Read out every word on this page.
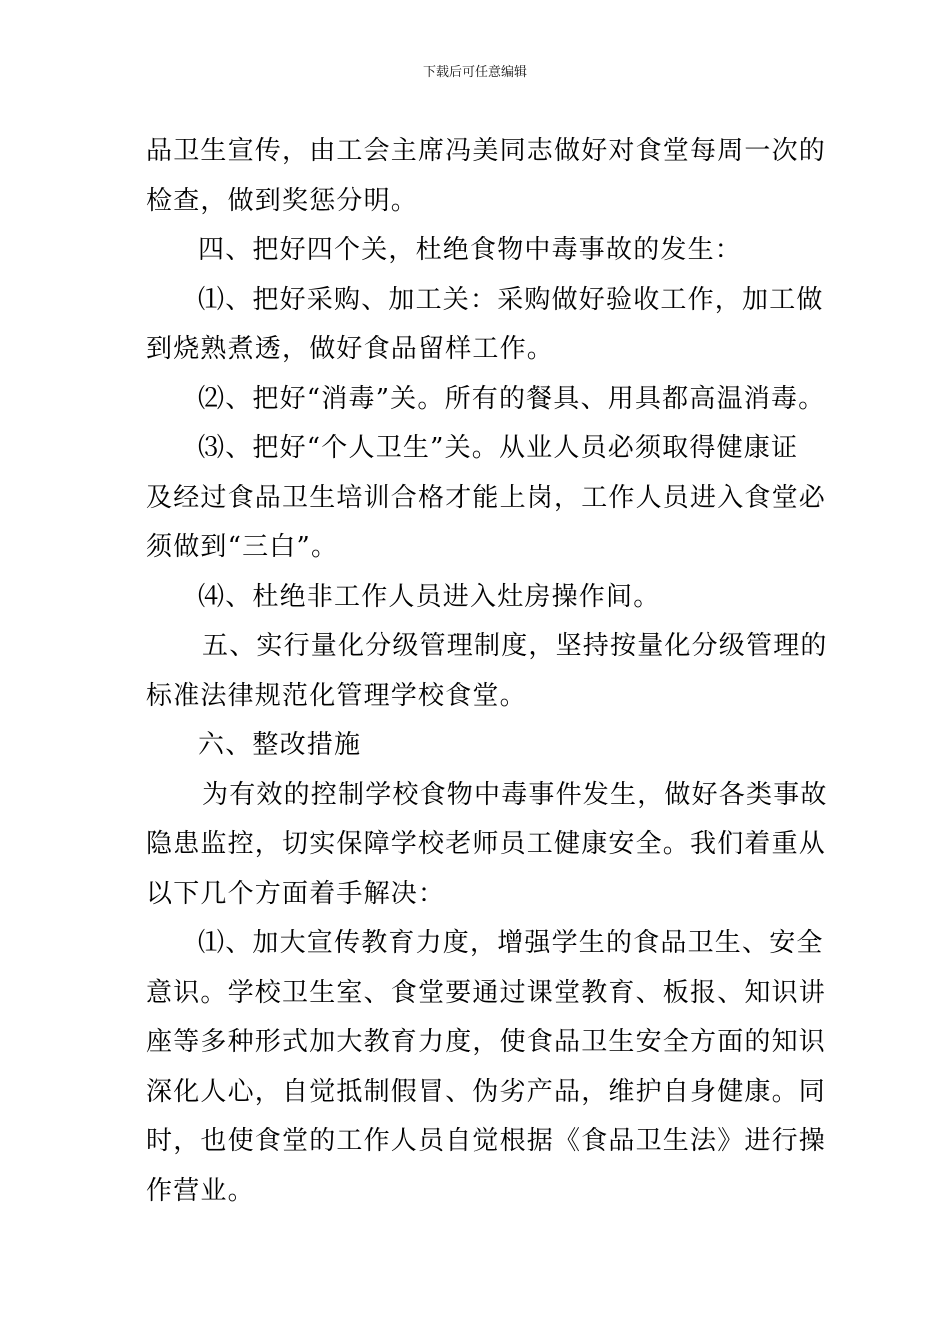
下载后可任意编辑

品卫生宣传，由工会主席冯美同志做好对食堂每周一次的
检查，做到奖惩分明。

四、把好四个关，杜绝食物中毒事故的发生：

⑴、把好采购、加工关：采购做好验收工作，加工做
到烧熟煮透，做好食品留样工作。

⑵、把好“消毒”关。所有的餐具、用具都高温消毒。

⑶、把好“个人卫生”关。从业人员必须取得健康证
及经过食品卫生培训合格才能上岗，工作人员进入食堂必
须做到“三白”。

⑷、杜绝非工作人员进入灶房操作间。

五、实行量化分级管理制度，坚持按量化分级管理的
标准法律规范化管理学校食堂。

六、整改措施

为有效的控制学校食物中毒事件发生，做好各类事故
隐患监控，切实保障学校老师员工健康安全。我们着重从
以下几个方面着手解决：

⑴、加大宣传教育力度，增强学生的食品卫生、安全
意识。学校卫生室、食堂要通过课堂教育、板报、知识讲
座等多种形式加大教育力度，使食品卫生安全方面的知识
深化人心，自觉抵制假冒、伪劣产品，维护自身健康。同
时，也使食堂的工作人员自觉根据《食品卫生法》进行操
作营业。
